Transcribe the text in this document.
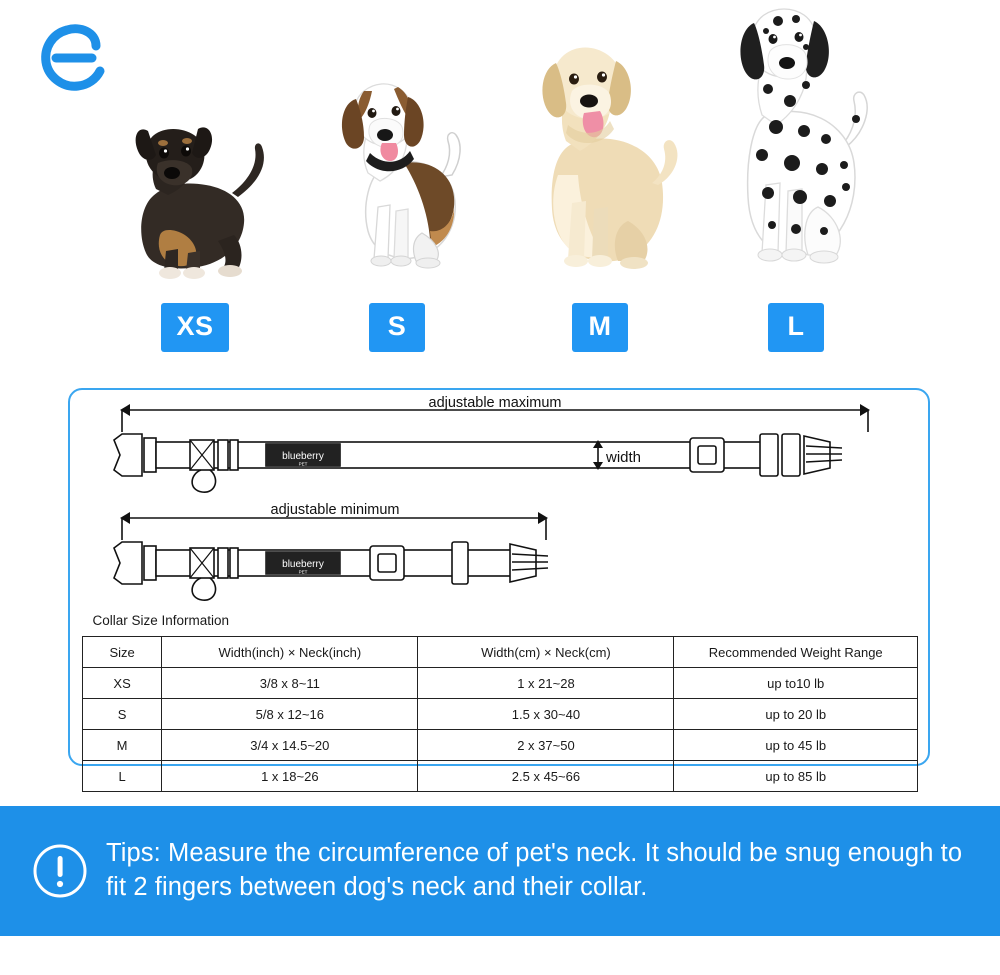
XS	S	M	L
adjustable maximum
blueberry
PET	width
adjustable minimum
blueberry
PET
Collar Size Information			
Size	Width(inch) × Neck(inch)	Width(cm) × Neck(cm)	Recommended Weight Range
XS	3/8 x 8~11	1 x 21~28	up to10 lb
S	5/8 x 12~16	1.5 x 30~40	up to 20 lb
M	3/4 x 14.5~20	2 x 37~50	up to 45 lb
L	1 x 18~26	2.5 x 45~66	up to 85 lb
Tips: Measure the circumference of pet's neck. It should be snug enough to fit 2 fingers between dog's neck and their collar.
